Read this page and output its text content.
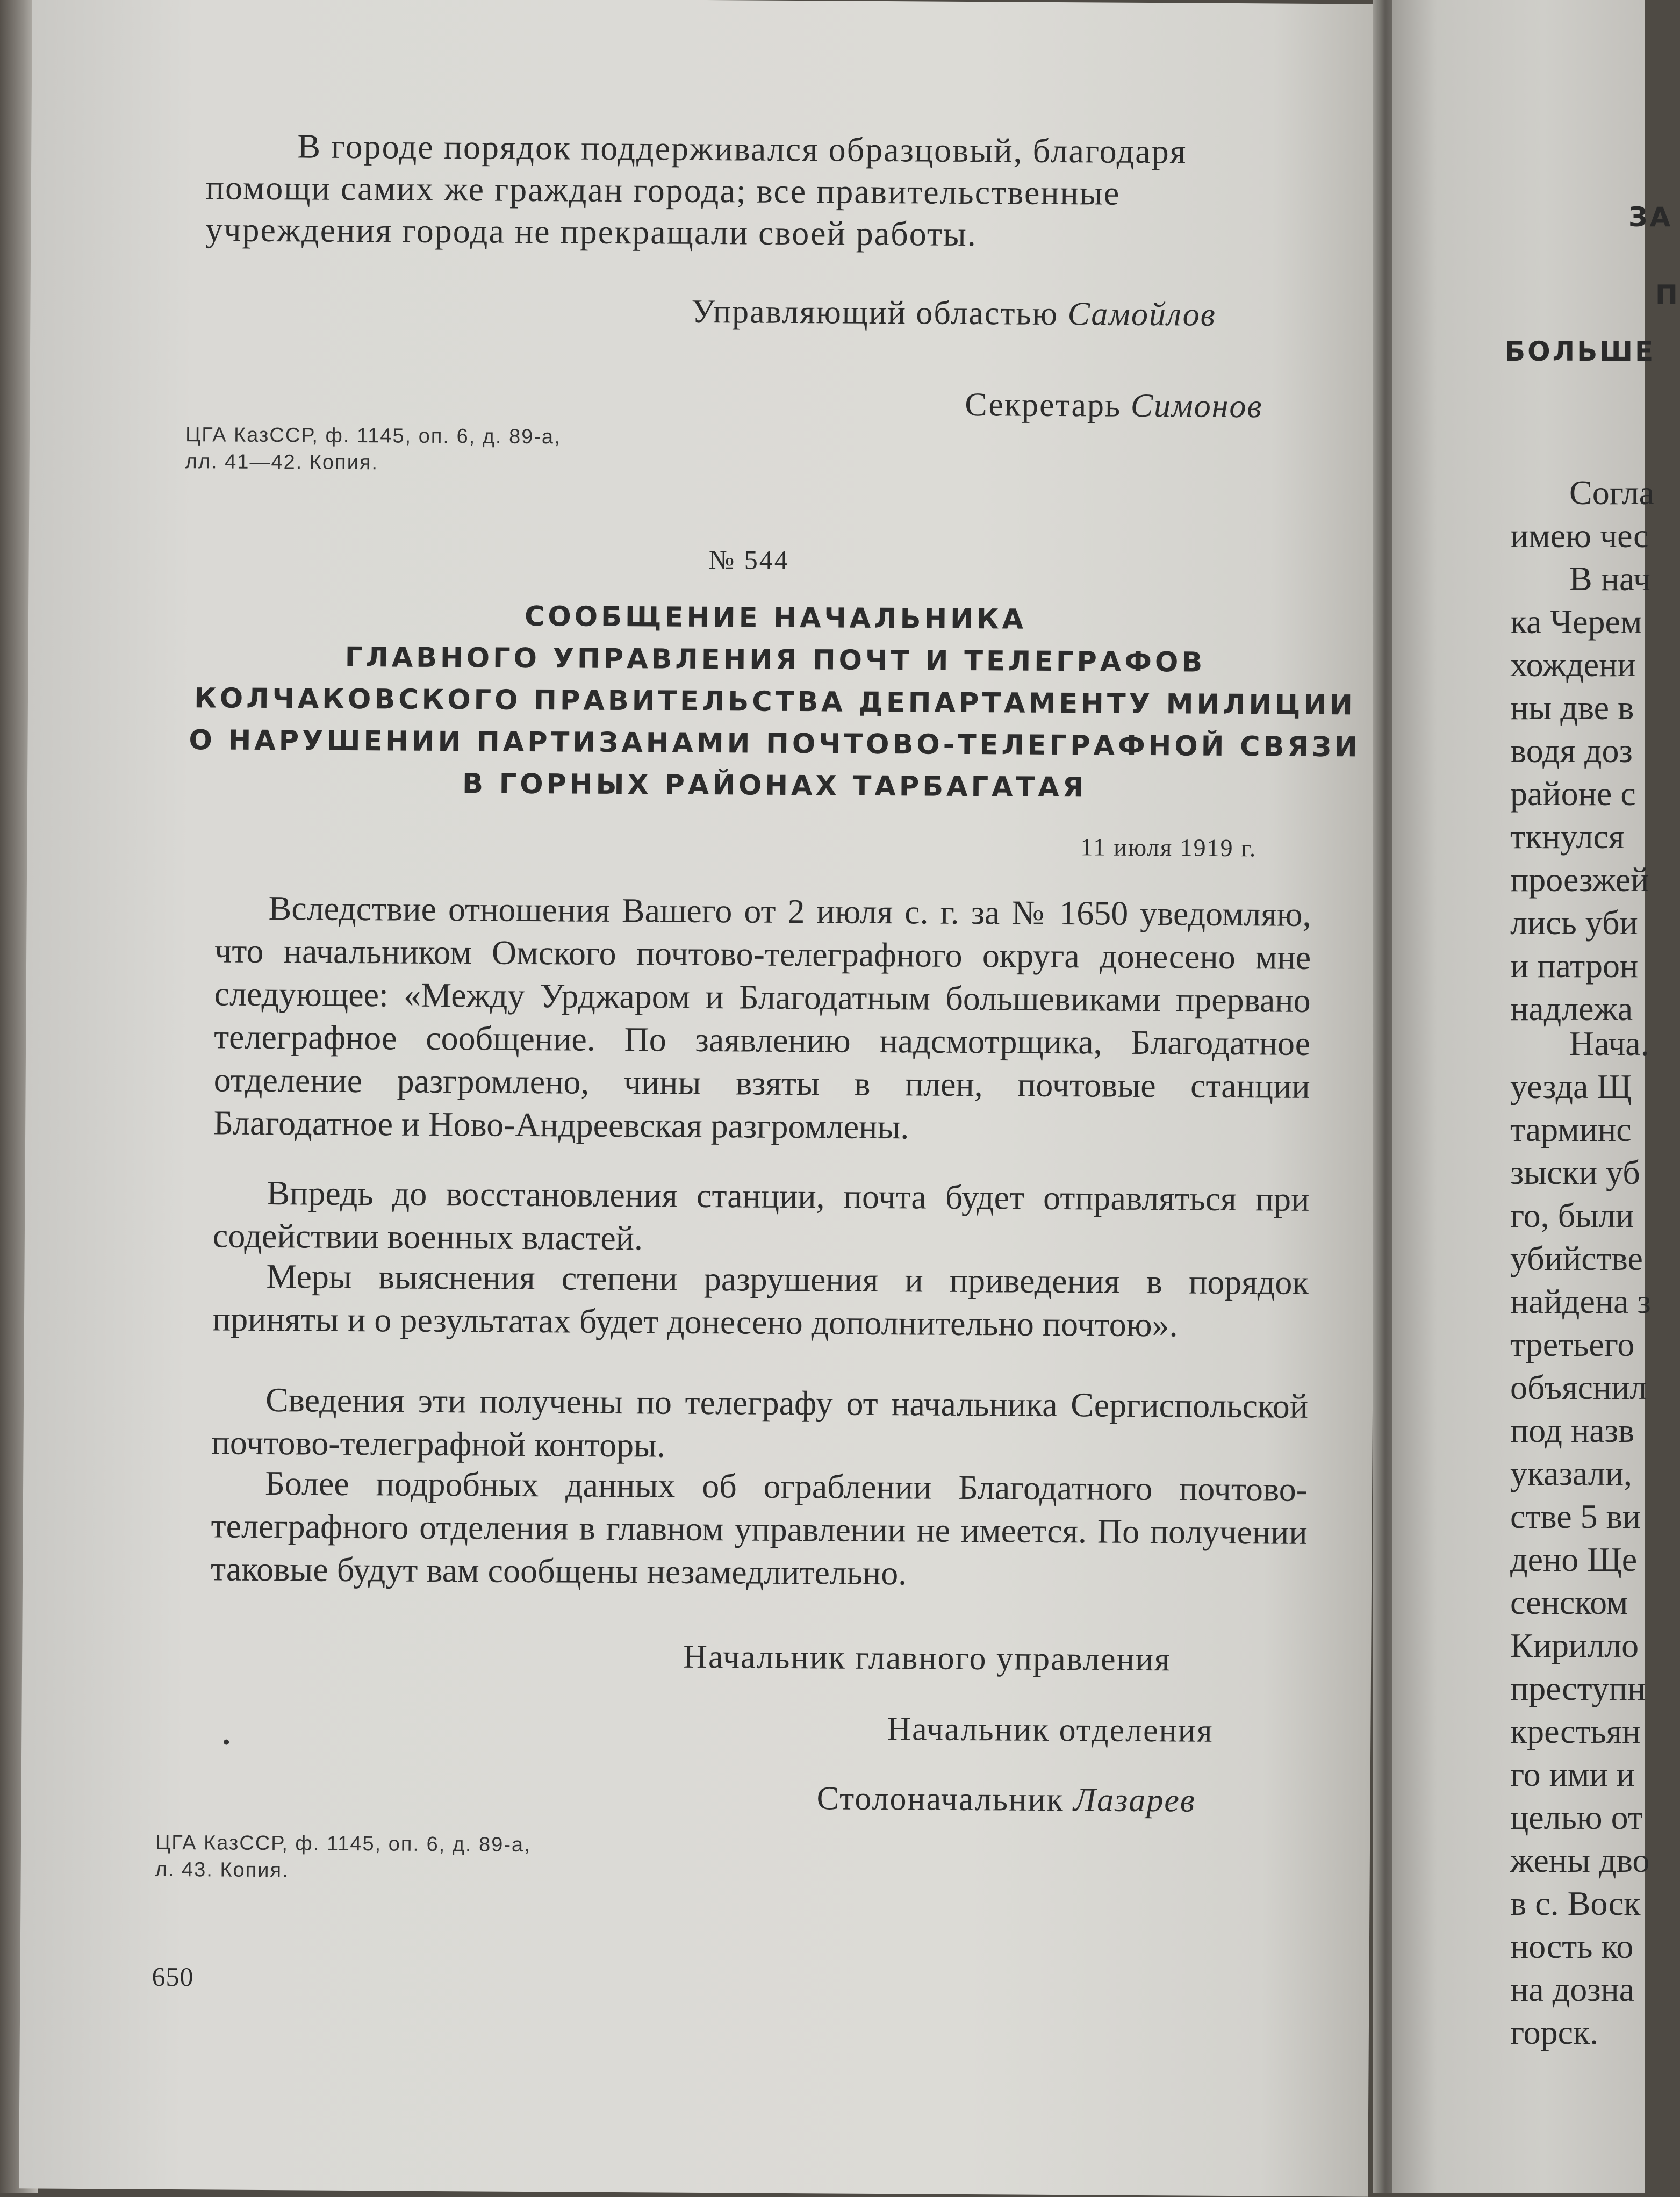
В городе порядок поддерживался образцовый, благодаря
помощи самих же граждан города; все правительственные
учреждения города не прекращали своей работы.
Управляющий областью Самойлов
Секретарь Симонов
ЦГА КазССР, ф. 1145, оп. 6, д. 89-а,
лл. 41—42. Копия.
№ 544
СООБЩЕНИЕ НАЧАЛЬНИКА
ГЛАВНОГО УПРАВЛЕНИЯ ПОЧТ И ТЕЛЕГРАФОВ
КОЛЧАКОВСКОГО ПРАВИТЕЛЬСТВА ДЕПАРТАМЕНТУ МИЛИЦИИ
О НАРУШЕНИИ ПАРТИЗАНАМИ ПОЧТОВО-ТЕЛЕГРАФНОЙ СВЯЗИ
В ГОРНЫХ РАЙОНАХ ТАРБАГАТАЯ
11 июля 1919 г.
Вследствие отношения Вашего от 2 июля с. г. за № 1650 уведомляю, что начальником Омского почтово-телеграфного округа донесено мне следующее: «Между Урджаром и Благодатным большевиками прервано телеграфное сообщение. По заявлению надсмотрщика, Благодатное отделение разгромлено, чины взяты в плен, почтовые станции Благодатное и Ново-Андреевская разгромлены.
Впредь до восстановления станции, почта будет отправляться при содействии военных властей.
Меры выяснения степени разрушения и приведения в порядок приняты и о результатах будет донесено дополнительно почтою».
Сведения эти получены по телеграфу от начальника Сергиспольской почтово-телеграфной конторы.
Более подробных данных об ограблении Благодатного почтово-телеграфного отделения в главном управлении не имеется. По получении таковые будут вам сообщены незамедлительно.
Начальник главного управления
Начальник отделения
Столоначальник Лазарев
ЦГА КазССР, ф. 1145, оп. 6, д. 89-а,
л. 43. Копия.
650
ЗА
П
БОЛЬШЕ
Согла
имею чес
В нач
ка Черем
хождени
ны две в
водя доз
районе с
ткнулся
проезжей
лись уби
и патрон
надлежа
Нача.
уезда Щ
тарминс
зыски уб
го, были
убийстве
найдена з
третьего
объяснил
под назв
указали,
стве 5 ви
дено Ще
сенском
Кирилло
преступн
крестьян
го ими и
целью от
жены дво
в с. Воск
ность ко
на дозна
горск.
